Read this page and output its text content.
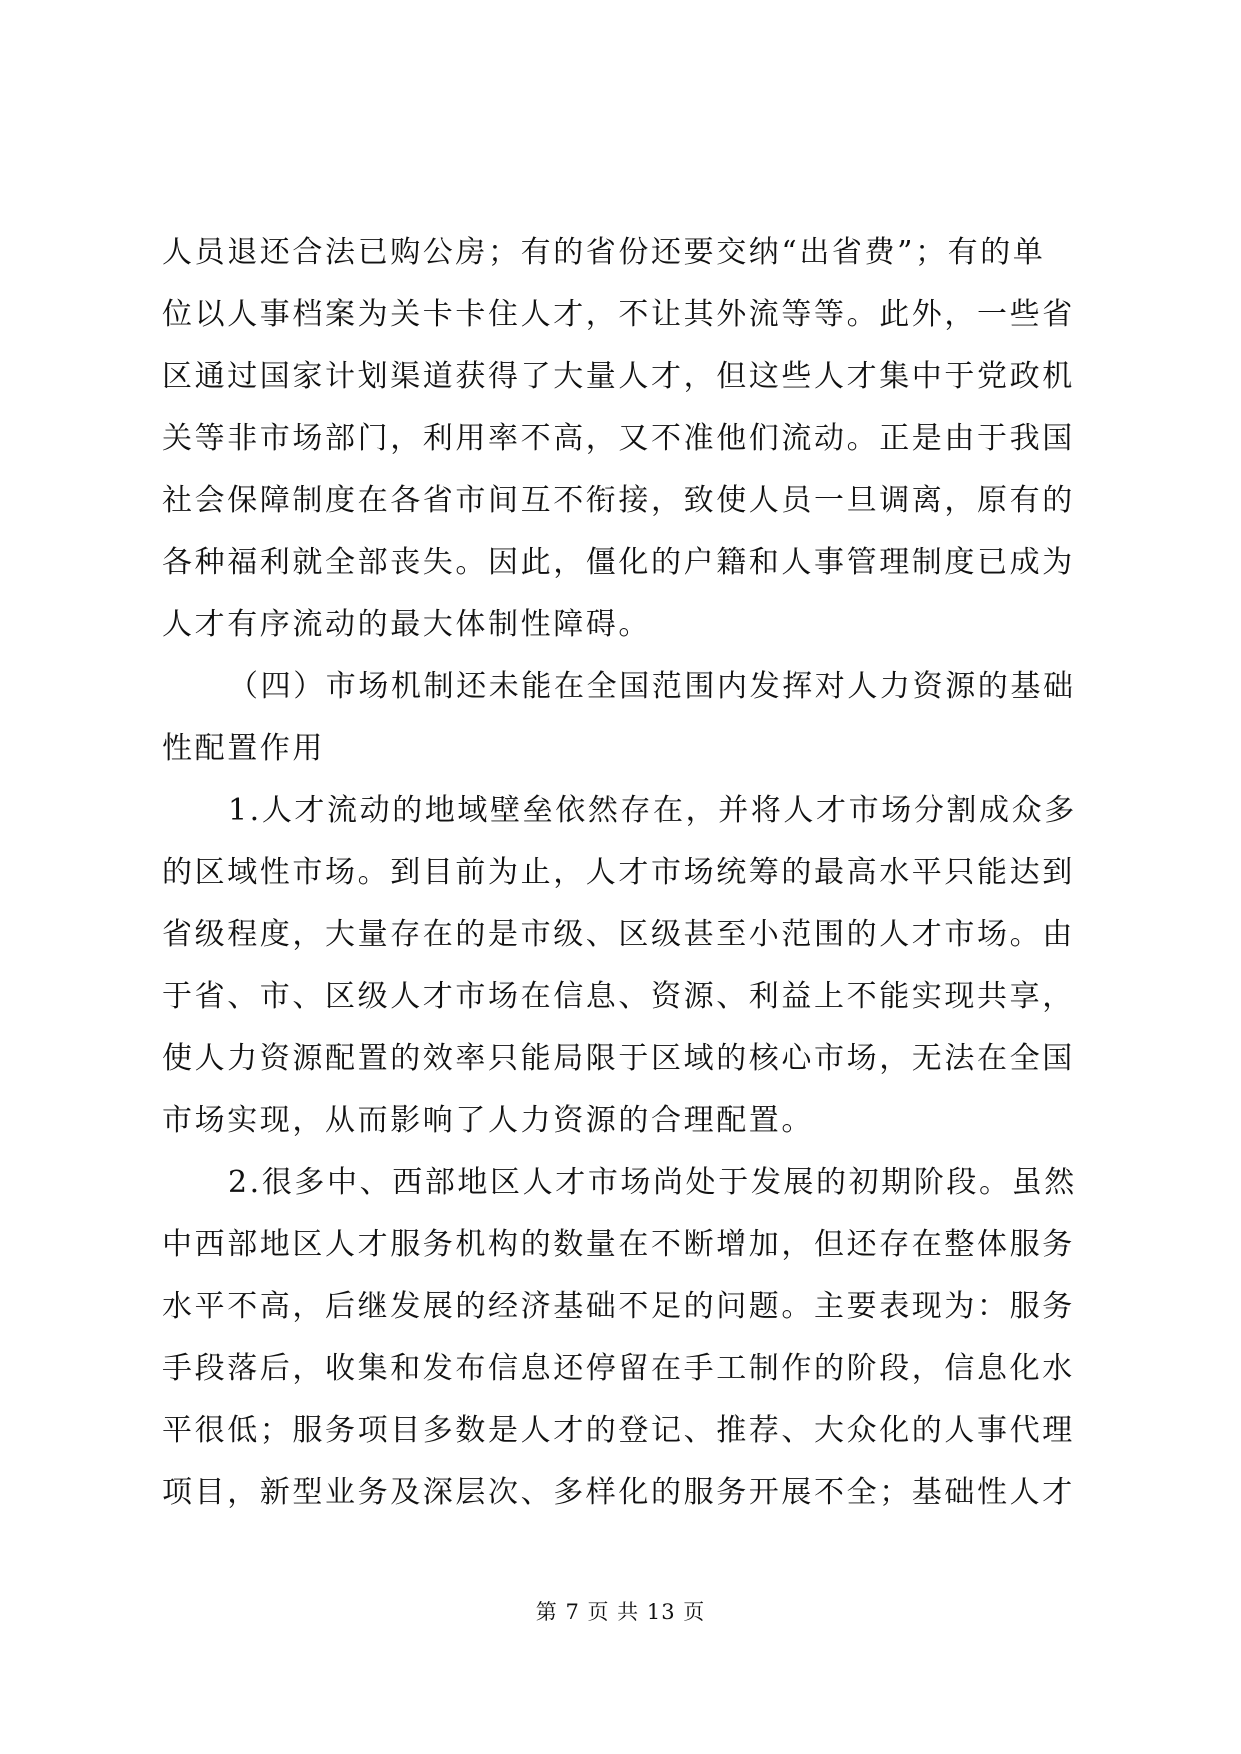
人员退还合法已购公房；有的省份还要交纳“出省费”；有的单
位以人事档案为关卡卡住人才，不让其外流等等。此外，一些省
区通过国家计划渠道获得了大量人才，但这些人才集中于党政机
关等非市场部门，利用率不高，又不准他们流动。正是由于我国
社会保障制度在各省市间互不衔接，致使人员一旦调离，原有的
各种福利就全部丧失。因此，僵化的户籍和人事管理制度已成为
人才有序流动的最大体制性障碍。
（四）市场机制还未能在全国范围内发挥对人力资源的基础
性配置作用
1.人才流动的地域壁垒依然存在，并将人才市场分割成众多
的区域性市场。到目前为止，人才市场统筹的最高水平只能达到
省级程度，大量存在的是市级、区级甚至小范围的人才市场。由
于省、市、区级人才市场在信息、资源、利益上不能实现共享，
使人力资源配置的效率只能局限于区域的核心市场，无法在全国
市场实现，从而影响了人力资源的合理配置。
2.很多中、西部地区人才市场尚处于发展的初期阶段。虽然
中西部地区人才服务机构的数量在不断增加，但还存在整体服务
水平不高，后继发展的经济基础不足的问题。主要表现为：服务
手段落后，收集和发布信息还停留在手工制作的阶段，信息化水
平很低；服务项目多数是人才的登记、推荐、大众化的人事代理
项目，新型业务及深层次、多样化的服务开展不全；基础性人才
第 7 页 共 13 页
